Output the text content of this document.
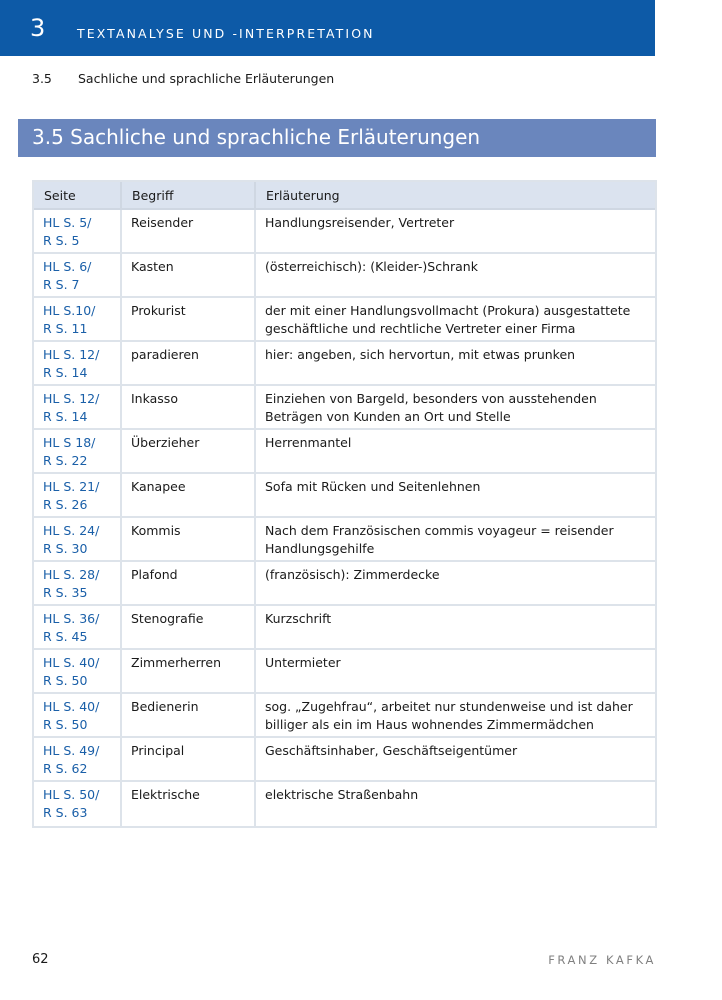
3	TEXTANALYSE UND -INTERPRETATION
3.5 Sachliche und sprachliche Erläuterungen
3.5 Sachliche und sprachliche Erläuterungen
Seite	Begriff	Erläuterung

HL S. 5/
R S. 5	Reisender	Handlungsreisender, Vertreter

HL S. 6/
R S. 7	Kasten	(österreichisch): (Kleider-)Schrank

HL S.10/
R S. 11	Prokurist	der mit einer Handlungsvollmacht (Prokura) ausgestattete geschäftliche und rechtliche Vertreter einer Firma

HL S. 12/
R S. 14	paradieren	hier: angeben, sich hervortun, mit etwas prunken

HL S. 12/
R S. 14	Inkasso	Einziehen von Bargeld, besonders von ausstehenden Beträgen von Kunden an Ort und Stelle

HL S 18/
R S. 22	Überzieher	Herrenmantel

HL S. 21/
R S. 26	Kanapee	Sofa mit Rücken und Seitenlehnen

HL S. 24/
R S. 30	Kommis	Nach dem Französischen commis voyageur = reisender Handlungsgehilfe

HL S. 28/
R S. 35	Plafond	(französisch): Zimmerdecke

HL S. 36/
R S. 45	Stenografie	Kurzschrift

HL S. 40/
R S. 50	Zimmerherren	Untermieter

HL S. 40/
R S. 50	Bedienerin	sog. „Zugehfrau“, arbeitet nur stundenweise und ist daher billiger als ein im Haus wohnendes Zimmermädchen

HL S. 49/
R S. 62	Principal	Geschäftsinhaber, Geschäftseigentümer

HL S. 50/
R S. 63	Elektrische	elektrische Straßenbahn
62	FRANZ KAFKA
